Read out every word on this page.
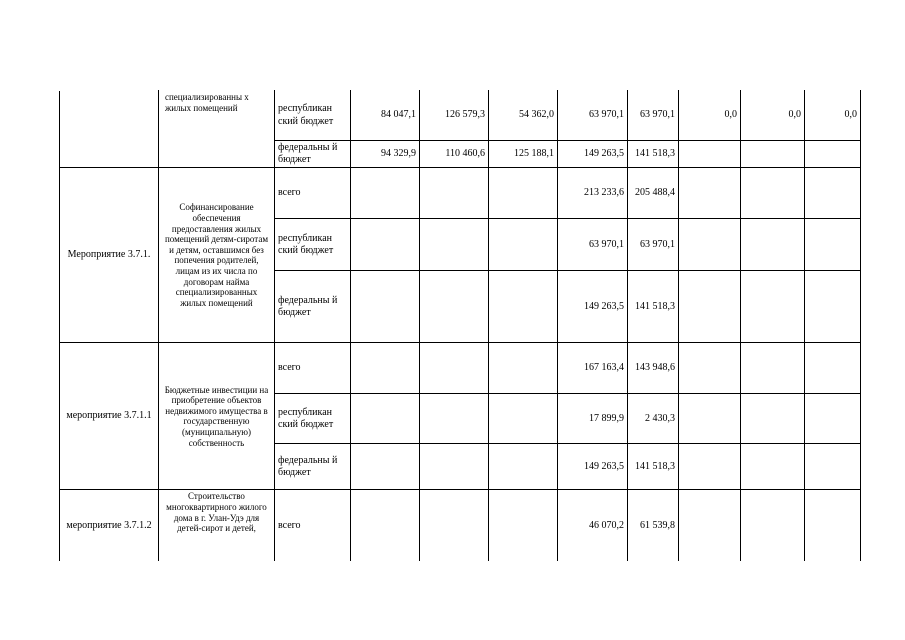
	специализированны х жилых помещений	республикан ский бюджет	84 047,1	126 579,3	54 362,0	63 970,1	63 970,1	0,0	0,0	0,0
		федеральны й бюджет	94 329,9	110 460,6	125 188,1	149 263,5	141 518,3			
Мероприятие 3.7.1.	Софинансирование обеспечения предоставления жилых помещений детям-сиротам и детям, оставшимся без попечения родителей, лицам из их числа по договорам найма специализированных жилых помещений	всего				213 233,6	205 488,4			
		республикан ский бюджет				63 970,1	63 970,1			
		федеральны й бюджет				149 263,5	141 518,3			
мероприятие 3.7.1.1	Бюджетные инвестиции на приобретение объектов недвижимого имущества в государственную (муниципальную) собственность	всего				167 163,4	143 948,6			
		республикан ский бюджет				17 899,9	2 430,3			
		федеральны й бюджет				149 263,5	141 518,3			
мероприятие 3.7.1.2	Строительство многоквартирного жилого дома в г. Улан-Удэ для детей-сирот и детей,	всего				46 070,2	61 539,8			
